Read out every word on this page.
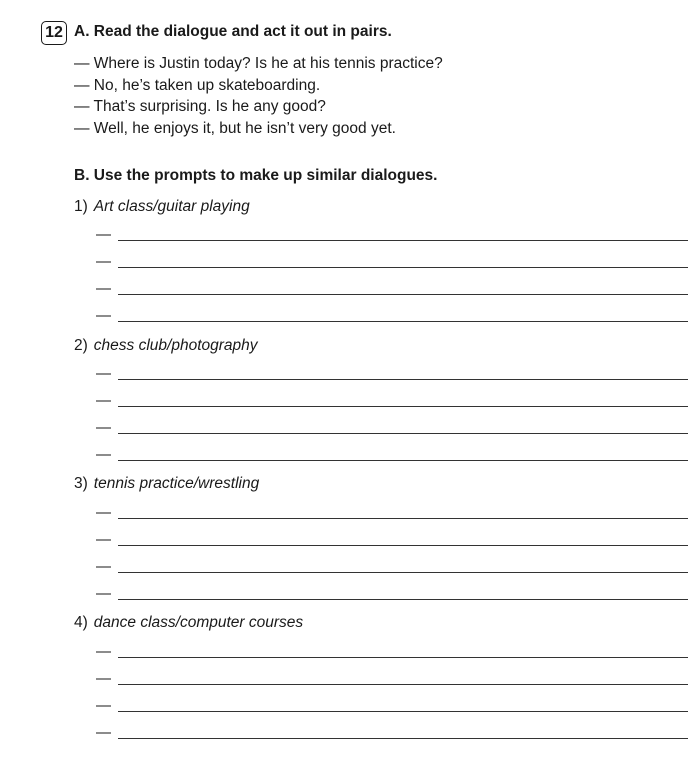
12 A. Read the dialogue and act it out in pairs.
— Where is Justin today? Is he at his tennis practice?
— No, he’s taken up skateboarding.
— That’s surprising. Is he any good?
— Well, he enjoys it, but he isn’t very good yet.
B. Use the prompts to make up similar dialogues.
1) Art class/guitar playing
—
—
—
—
2) chess club/photography
—
—
—
—
3) tennis practice/wrestling
—
—
—
—
4) dance class/computer courses
—
—
—
—
